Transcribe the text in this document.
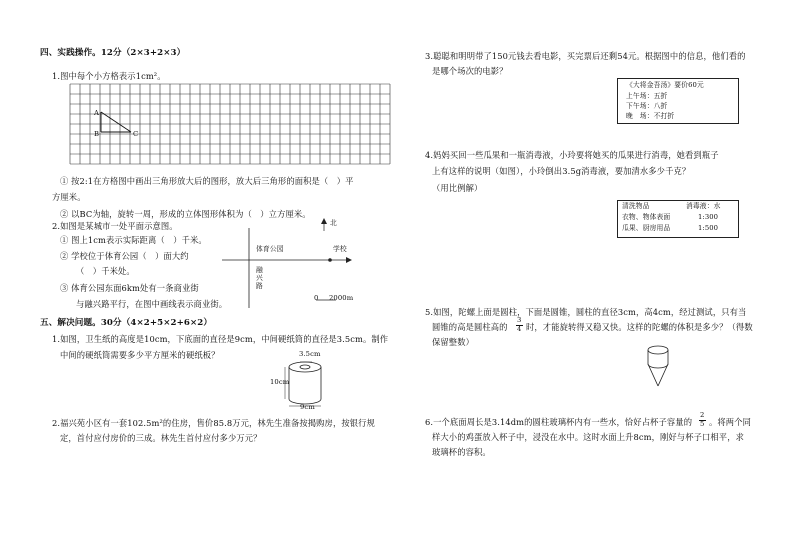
四、实践操作。12分（2×3+2×3）
1.图中每个小方格表示1cm²。
A
B	C
① 按2:1在方格图中画出三角形放大后的图形，放大后三角形的面积是（　）平
方厘米。
② 以BC为轴，旋转一周，形成的立体图形体积为（　）立方厘米。
2.如图是某城市一处平面示意图。
① 图上1cm表示实际距离（　）千米。
② 学校位于体育公园（　）面大约
（　）千米处。
③ 体育公园东面6km处有一条商业街
与融兴路平行，在图中画线表示商业街。
北
体育公园	学校
融兴路
0 2000m
五、解决问题。30分（4×2+5×2+6×2）
1.如图，卫生纸的高度是10cm，下底面的直径是9cm，中间硬纸筒的直径是3.5cm。制作
中间的硬纸筒需要多少平方厘米的硬纸板？	3.5cm
10cm
9cm
2.福兴苑小区有一套102.5m²的住房，售价85.8万元，林先生准备按揭购房，按银行规
定，首付应付房价的三成。林先生首付应付多少万元？
3.聪聪和明明带了150元钱去看电影，买完票后还剩54元。根据图中的信息，他们看的
是哪个场次的电影？
《大将金吾汤》要价60元
上午场：五折
下午场：八折
晚　场：不打折
4.妈妈买回一些瓜果和一瓶消毒液，小玲要将她买的瓜果进行消毒，她看到瓶子
上有这样的说明（如图），小玲倒出3.5g消毒液，要加清水多少千克？
（用比例解）
清洗物品	消毒液：水
衣物、物体表面	1:300
瓜果、厨房用品	1:500
5.如图，陀螺上面是圆柱，下面是圆锥，圆柱的直径3cm，高4cm，经过测试，只有当
圆锥的高是圆柱高的
3
4 时，才能旋转得又稳又快。这样的陀螺的体积是多少？（得数
保留整数）
6.一个底面周长是3.14dm的圆柱玻璃杯内有一些水，恰好占杯子容量的
2
5 。将两个同
样大小的鸡蛋放入杯子中，浸没在水中。这时水面上升8cm，刚好与杯子口相平，求
玻璃杯的容积。
